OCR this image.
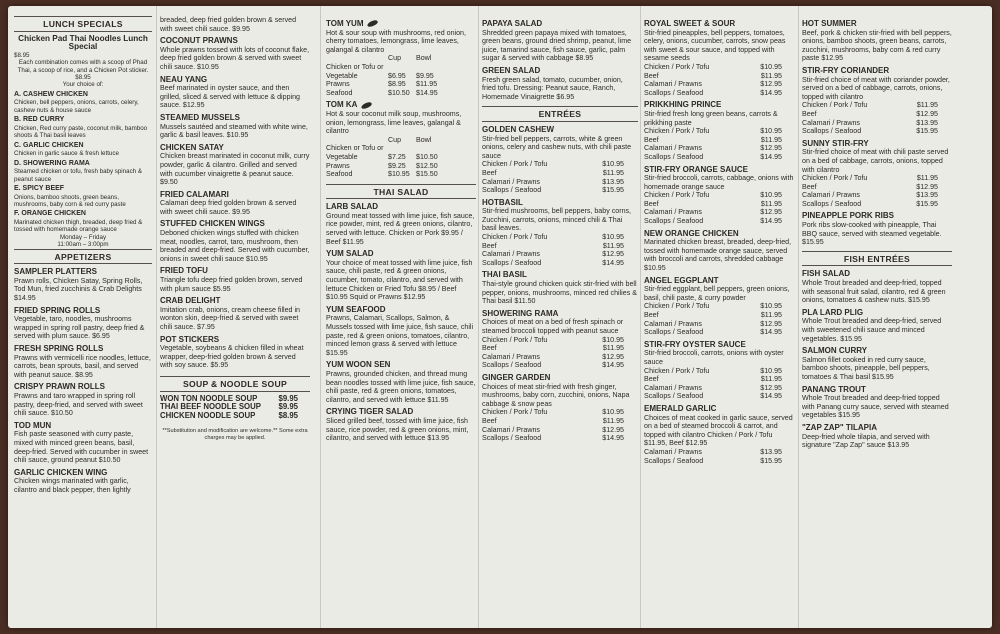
LUNCH SPECIALS
Chicken Pad Thai Noodles Lunch Special
$8.95
Each combination comes with a scoop of Phad Thai, a scoop of rice, and a Chicken Pot sticker. $8.95
Your choice of:
A. CASHEW CHICKEN
Chicken, bell peppers, onions, carrots, celery, cashew nuts & house sauce
B. RED CURRY
Chicken, Red curry paste, coconut milk, bamboo shoots & Thai basil leaves
C. GARLIC CHICKEN
Chicken in garlic sauce & fresh lettuce
D. SHOWERING RAMA
Steamed chicken or tofu, fresh baby spinach & peanut sauce
E. SPICY BEEF
Onions, bamboo shoots, green beans, mushrooms, baby corn & red curry paste
F. ORANGE CHICKEN
Marinated chicken thigh, breaded, deep fried & tossed with homemade orange sauce
Monday – Friday
11:00am – 3:00pm
APPETIZERS
SAMPLER PLATTERS
Prawn rolls, Chicken Satay, Spring Rolls, Tod Mun, fried zucchinis & Crab Delights $14.95
FRIED SPRING ROLLS
Vegetable, taro, noodles, mushrooms wrapped in spring roll pastry, deep fried & served with plum sauce. $6.95
FRESH SPRING ROLLS
Prawns with vermicelli rice noodles, lettuce, carrots, bean sprouts, basil, and served with peanut sauce. $8.95
CRISPY PRAWN ROLLS
Prawns and taro wrapped in spring roll pastry, deep-fried, and served with sweet chili sauce. $10.50
TOD MUN
Fish paste seasoned with curry paste, mixed with minced green beans, basil, deep-fried. Served with cucumber in sweet chili sauce, ground peanut $10.50
GARLIC CHICKEN WING
Chicken wings marinated with garlic, cilantro and black pepper, then lightly
breaded, deep fried golden brown & served with sweet chili sauce. $9.95
COCONUT PRAWNS
Whole prawns tossed with lots of coconut flake, deep fried golden brown & served with sweet chili sauce. $10.95
NEAU YANG
Beef marinated in oyster sauce, and then grilled, sliced & served with lettuce & dipping sauce. $12.95
STEAMED MUSSELS
Mussels sautéed and steamed with white wine, garlic & basil leaves. $10.95
CHICKEN SATAY
Chicken breast marinated in coconut milk, curry powder, garlic & cilantro. Grilled and served with cucumber vinaigrette & peanut sauce. $9.50
FRIED CALAMARI
Calamari deep fried golden brown & served with sweet chili sauce. $9.95
STUFFED CHICKEN WINGS
Deboned chicken wings stuffed with chicken meat, noodles, carrot, taro, mushroom, then breaded and deep-fried. Served with cucumber, onions in sweet chili sauce $10.95
FRIED TOFU
Triangle tofu deep fried golden brown, served with plum sauce $5.95
CRAB DELIGHT
Imitation crab, onions, cream cheese filled in wonton skin, deep-fried & served with sweet chili sauce. $7.95
POT STICKERS
Vegetable, soybeans & chicken filled in wheat wrapper, deep-fried golden brown & served with soy sauce. $5.95
SOUP & NOODLE SOUP
WON TON NOODLE SOUP	$9.95
THAI BEEF NOODLE SOUP $9.95
CHICKEN NOODLE SOUP	$8.95
**Substitution and modification are welcome.** Some extra charges may be applied.
TOM YUM
Hot & sour soup with mushrooms, red onion, cherry tomatoes, lemongrass, lime leaves, galangal & cilantro
Cup	Bowl
Chicken or Tofu or
Vegetable	$6.95	$9.95
Prawns	$8.95	$11.95
Seafood	$10.50 $14.95
TOM KA
Hot & sour coconut milk soup, mushrooms, onion, lemongrass, lime leaves, galangal & cilantro
Cup	Bowl
Chicken or Tofu or
Vegetable	$7.25	$10.50
Prawns	$9.25	$12.50
Seafood	$10.95 $15.50
THAI SALAD
LARB SALAD
Ground meat tossed with lime juice, fish sauce, rice powder, mint, red & green onions, cilantro, served with lettuce. Chicken or Pork $9.95 / Beef $11.95
YUM SALAD
Your choice of meat tossed with lime juice, fish sauce, chili paste, red & green onions, cucumber, tomato, cilantro, and served with lettuce Chicken or Fried Tofu $8.95 / Beef $10.95 Squid or Prawns $12.95
YUM SEAFOOD
Prawns, Calamari, Scallops, Salmon, & Mussels tossed with lime juice, fish sauce, chili paste, red & green onions, tomatoes, cilantro, minced lemon grass & served with lettuce $15.95
YUM WOON SEN
Prawns, grounded chicken, and thread mung bean noodles tossed with lime juice, fish sauce, chili paste, red & green onions, tomatoes, cilantro, and served with lettuce $11.95
CRYING TIGER SALAD
Sliced grilled beef, tossed with lime juice, fish sauce, rice powder, red & green onions, mint, cilantro, and served with lettuce $13.95
PAPAYA SALAD
Shredded green papaya mixed with tomatoes, green beans, ground dried shrimp, peanut, lime juice, tamarind sauce, fish sauce, garlic, palm sugar & served with cabbage $8.95
GREEN SALAD
Fresh green salad, tomato, cucumber, onion, fried tofu. Dressing: Peanut sauce, Ranch, Homemade Vinaigrette $6.95
ENTRÉES
GOLDEN CASHEW
Stir-fried bell peppers, carrots, white & green onions, celery and cashew nuts, with chili paste sauce
Chicken / Pork / Tofu	$10.95
Beef	$11.95
Calamari / Prawns	$13.95
Scallops / Seafood	$15.95
HOTBASIL
Stir-fried mushrooms, bell peppers, baby corns, Zucchini, carrots, onions, minced chili & Thai basil leaves.
Chicken / Pork / Tofu	$10.95
Beef	$11.95
Calamari / Prawns	$12.95
Scallops / Seafood	$14.95
THAI BASIL
Thai-style ground chicken quick stir-fried with bell pepper, onions, mushrooms, minced red chilies & Thai basil $11.50
SHOWERING RAMA
Choices of meat on a bed of fresh spinach or steamed broccoli topped with peanut sauce
Chicken / Pork / Tofu	$10.95
Beef	$11.95
Calamari / Prawns	$12.95
Scallops / Seafood	$14.95
GINGER GARDEN
Choices of meat stir-fried with fresh ginger, mushrooms, baby corn, zucchini, onions, Napa cabbage & snow peas
Chicken / Pork / Tofu	$10.95
Beef	$11.95
Calamari / Prawns	$12.95
Scallops / Seafood	$14.95
ROYAL SWEET & SOUR
Stir-fried pineapples, bell peppers, tomatoes, celery, onions, cucumber, carrots, snow peas with sweet & sour sauce, and topped with sesame seeds
Chicken / Pork / Tofu	$10.95
Beef	$11.95
Calamari / Prawns	$12.95
Scallops / Seafood	$14.95
PRIKKHING PRINCE
Stir-fried fresh long green beans, carrots & prikkhing paste
Chicken / Pork / Tofu	$10.95
Beef	$11.95
Calamari / Prawns	$12.95
Scallops / Seafood	$14.95
STIR-FRY ORANGE SAUCE
Stir-fried broccoli, carrots, cabbage, onions with homemade orange sauce
Chicken / Pork / Tofu	$10.95
Beef	$11.95
Calamari / Prawns	$12.95
Scallops / Seafood	$14.95
NEW ORANGE CHICKEN
Marinated chicken breast, breaded, deep-fried, tossed with homemade orange sauce, served with broccoli and carrots, shredded cabbage $10.95
ANGEL EGGPLANT
Stir-fried eggplant, bell peppers, green onions, basil, chili paste, & curry powder
Chicken / Pork / Tofu	$10.95
Beef	$11.95
Calamari / Prawns	$12.95
Scallops / Seafood	$14.95
STIR-FRY OYSTER SAUCE
Stir-fried broccoli, carrots, onions with oyster sauce
Chicken / Pork / Tofu	$10.95
Beef	$11.95
Calamari / Prawns	$12.95
Scallops / Seafood	$14.95
EMERALD GARLIC
Choices of meat cooked in garlic sauce, served on a bed of steamed broccoli & carrot, and topped with cilantro Chicken / Pork / Tofu $11.95, Beef $12.95
Calamari / Prawns	$13.95
Scallops / Seafood	$15.95
HOT SUMMER
Beef, pork & chicken stir-fried with bell peppers, onions, bamboo shoots, green beans, carrots, zucchini, mushrooms, baby corn & red curry paste $12.95
STIR-FRY CORIANDER
Stir-fried choice of meat with coriander powder, served on a bed of cabbage, carrots, onions, topped with cilantro
Chicken / Pork / Tofu	$11.95
Beef	$12.95
Calamari / Prawns	$13.95
Scallops / Seafood	$15.95
SUNNY STIR-FRY
Stir-fried choice of meat with chili paste served on a bed of cabbage, carrots, onions, topped with cilantro
Chicken / Pork / Tofu	$11.95
Beef	$12.95
Calamari / Prawns	$13.95
Scallops / Seafood	$15.95
PINEAPPLE PORK RIBS
Pork ribs slow-cooked with pineapple, Thai BBQ sauce, served with steamed vegetable. $15.95
FISH ENTRÉES
FISH SALAD
Whole Trout breaded and deep-fried, topped with seasonal fruit salad, cilantro, red & green onions, tomatoes & cashew nuts. $15.95
PLA LARD PLIG
Whole Trout breaded and deep-fried, served with sweetened chili sauce and minced vegetables. $15.95
SALMON CURRY
Salmon fillet cooked in red curry sauce, bamboo shoots, pineapple, bell peppers, tomatoes & Thai basil $15.95
PANANG TROUT
Whole Trout breaded and deep-fried topped with Panang curry sauce, served with steamed vegetables $15.95
"ZAP ZAP" TILAPIA
Deep-fried whole tilapia, and served with signature "Zap Zap" sauce $13.95
